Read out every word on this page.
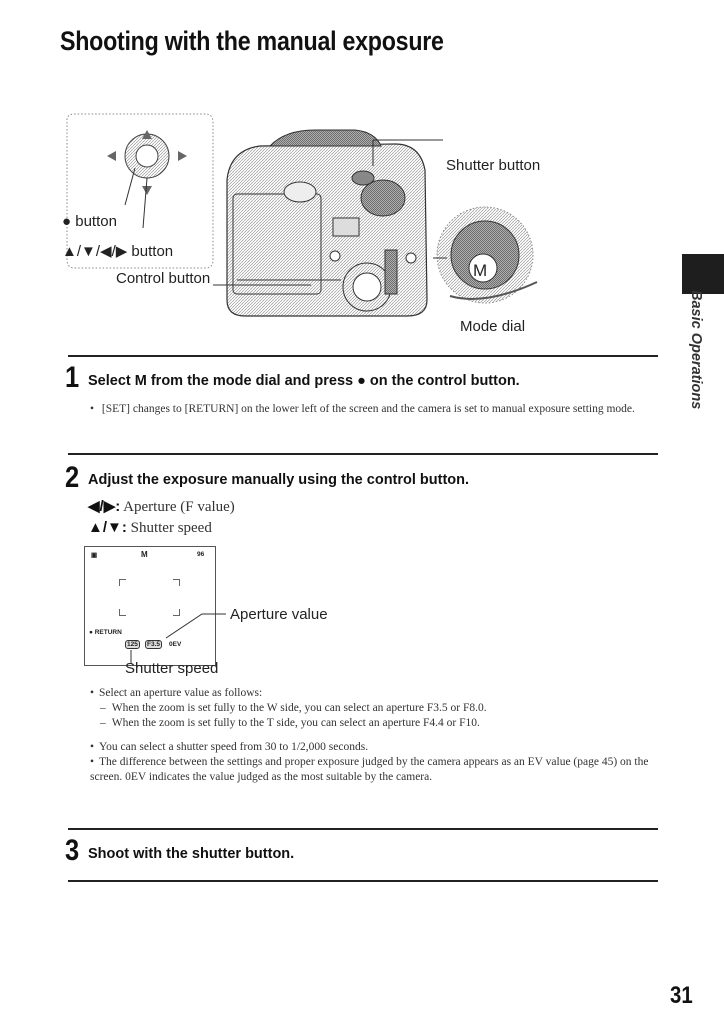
Shooting with the manual exposure
M
Shutter button
● button
▲/▼/◀/▶ button
Control button
Mode dial
1 Select M from the mode dial and press ● on the control button.
• [SET] changes to [RETURN] on the lower left of the screen and the camera is set to manual exposure setting mode.
2 Adjust the exposure manually using the control button.
◀/▶: Aperture (F value)
▲/▼: Shutter speed
▣	M	96
● RETURN
125	F3.5	0EV
Aperture value
Shutter speed
• Select an aperture value as follows:
– When the zoom is set fully to the W side, you can select an aperture F3.5 or F8.0.
– When the zoom is set fully to the T side, you can select an aperture F4.4 or F10.
• You can select a shutter speed from 30 to 1/2,000 seconds.
• The difference between the settings and proper exposure judged by the camera appears as an EV value (page 45) on the screen. 0EV indicates the value judged as the most suitable by the camera.
3 Shoot with the shutter button.
Basic Operations
31
